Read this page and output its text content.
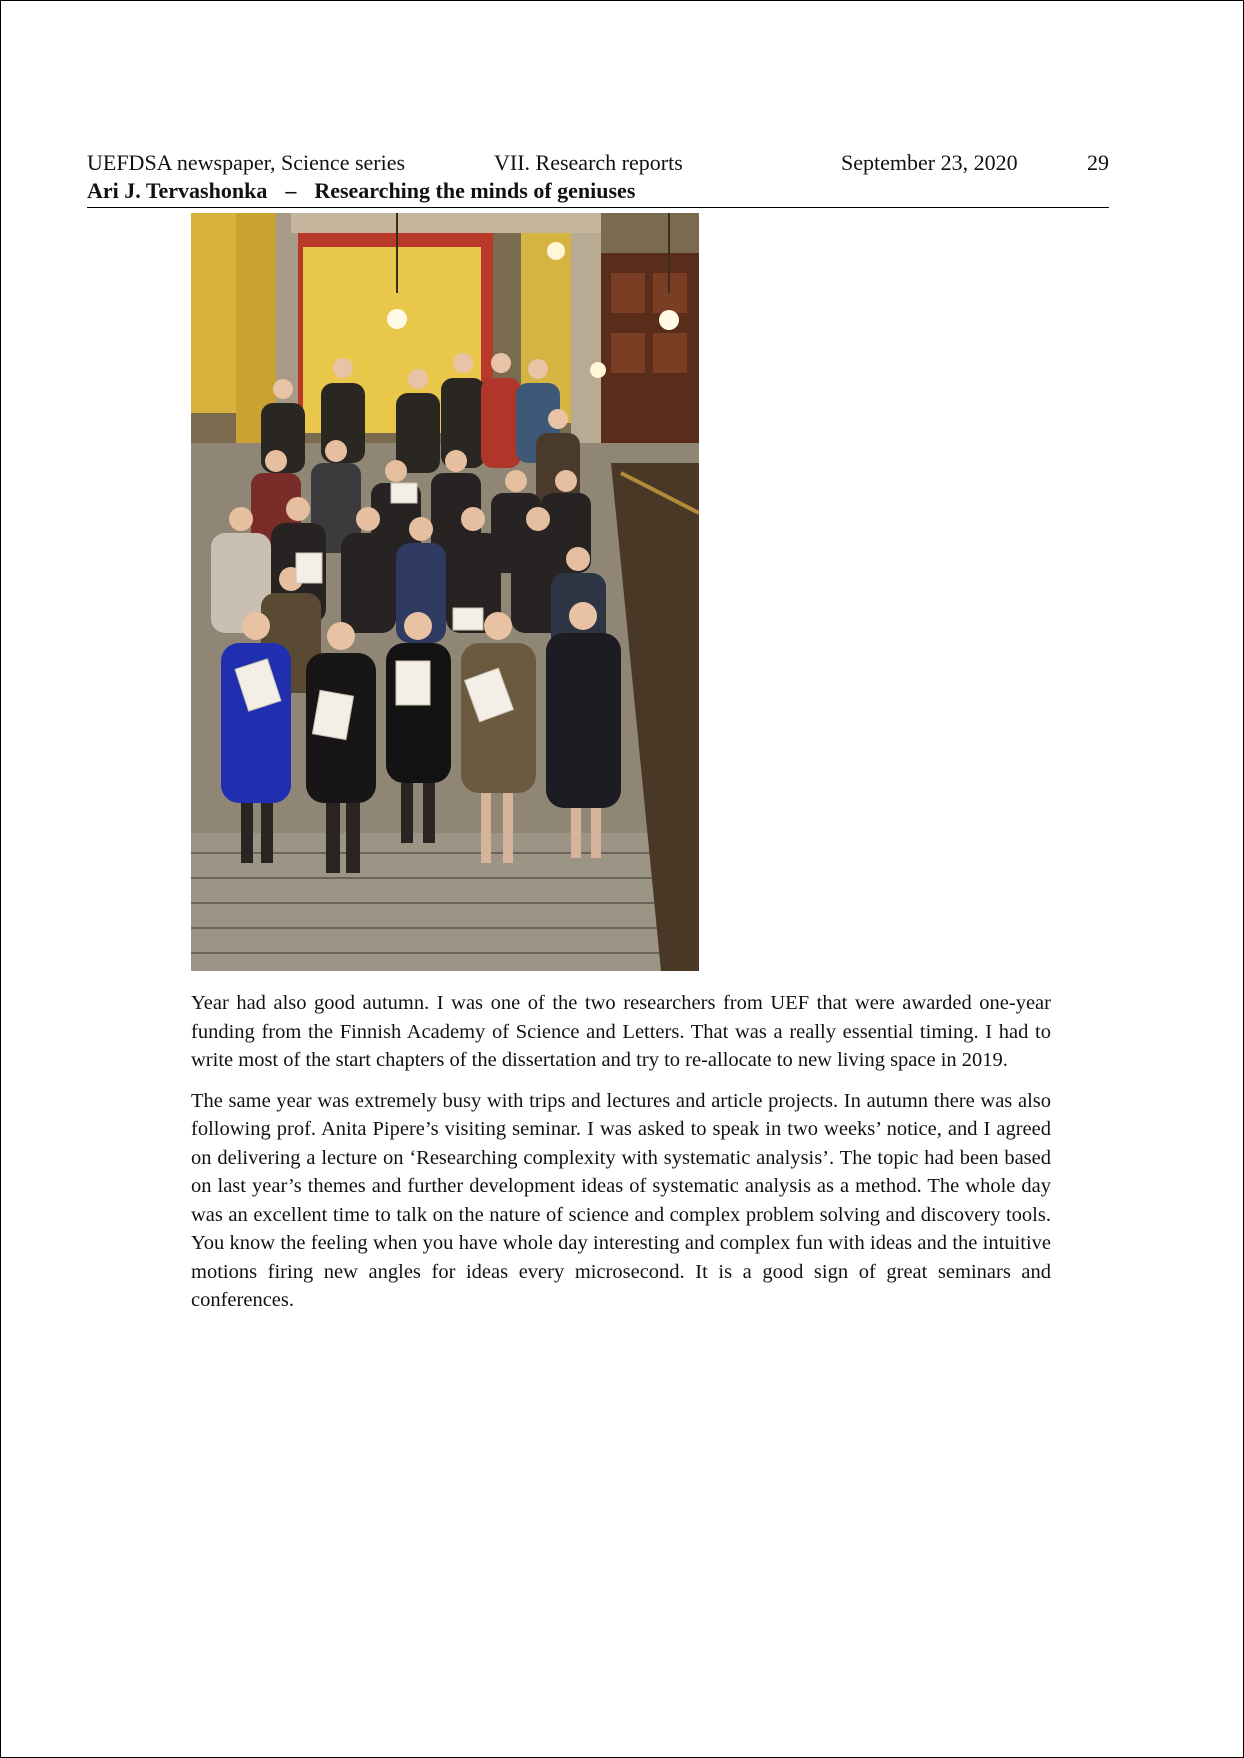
UEFDSA newspaper, Science series	VII. Research reports	September 23, 2020	29
Ari J. Tervashonka – Researching the minds of geniuses

Year had also good autumn. I was one of the two researchers from UEF that were awarded one-year funding from the Finnish Academy of Science and Letters. That was a really essential timing. I had to write most of the start chapters of the dissertation and try to re-allocate to new living space in 2019.

The same year was extremely busy with trips and lectures and article projects. In autumn there was also following prof. Anita Pipere’s visiting seminar. I was asked to speak in two weeks’ notice, and I agreed on delivering a lecture on ‘Researching complexity with systematic analysis’. The topic had been based on last year’s themes and further development ideas of systematic analysis as a method. The whole day was an excellent time to talk on the nature of science and complex problem solving and discovery tools. You know the feeling when you have whole day interesting and complex fun with ideas and the intuitive motions firing new angles for ideas every microsecond. It is a good sign of great seminars and conferences.
